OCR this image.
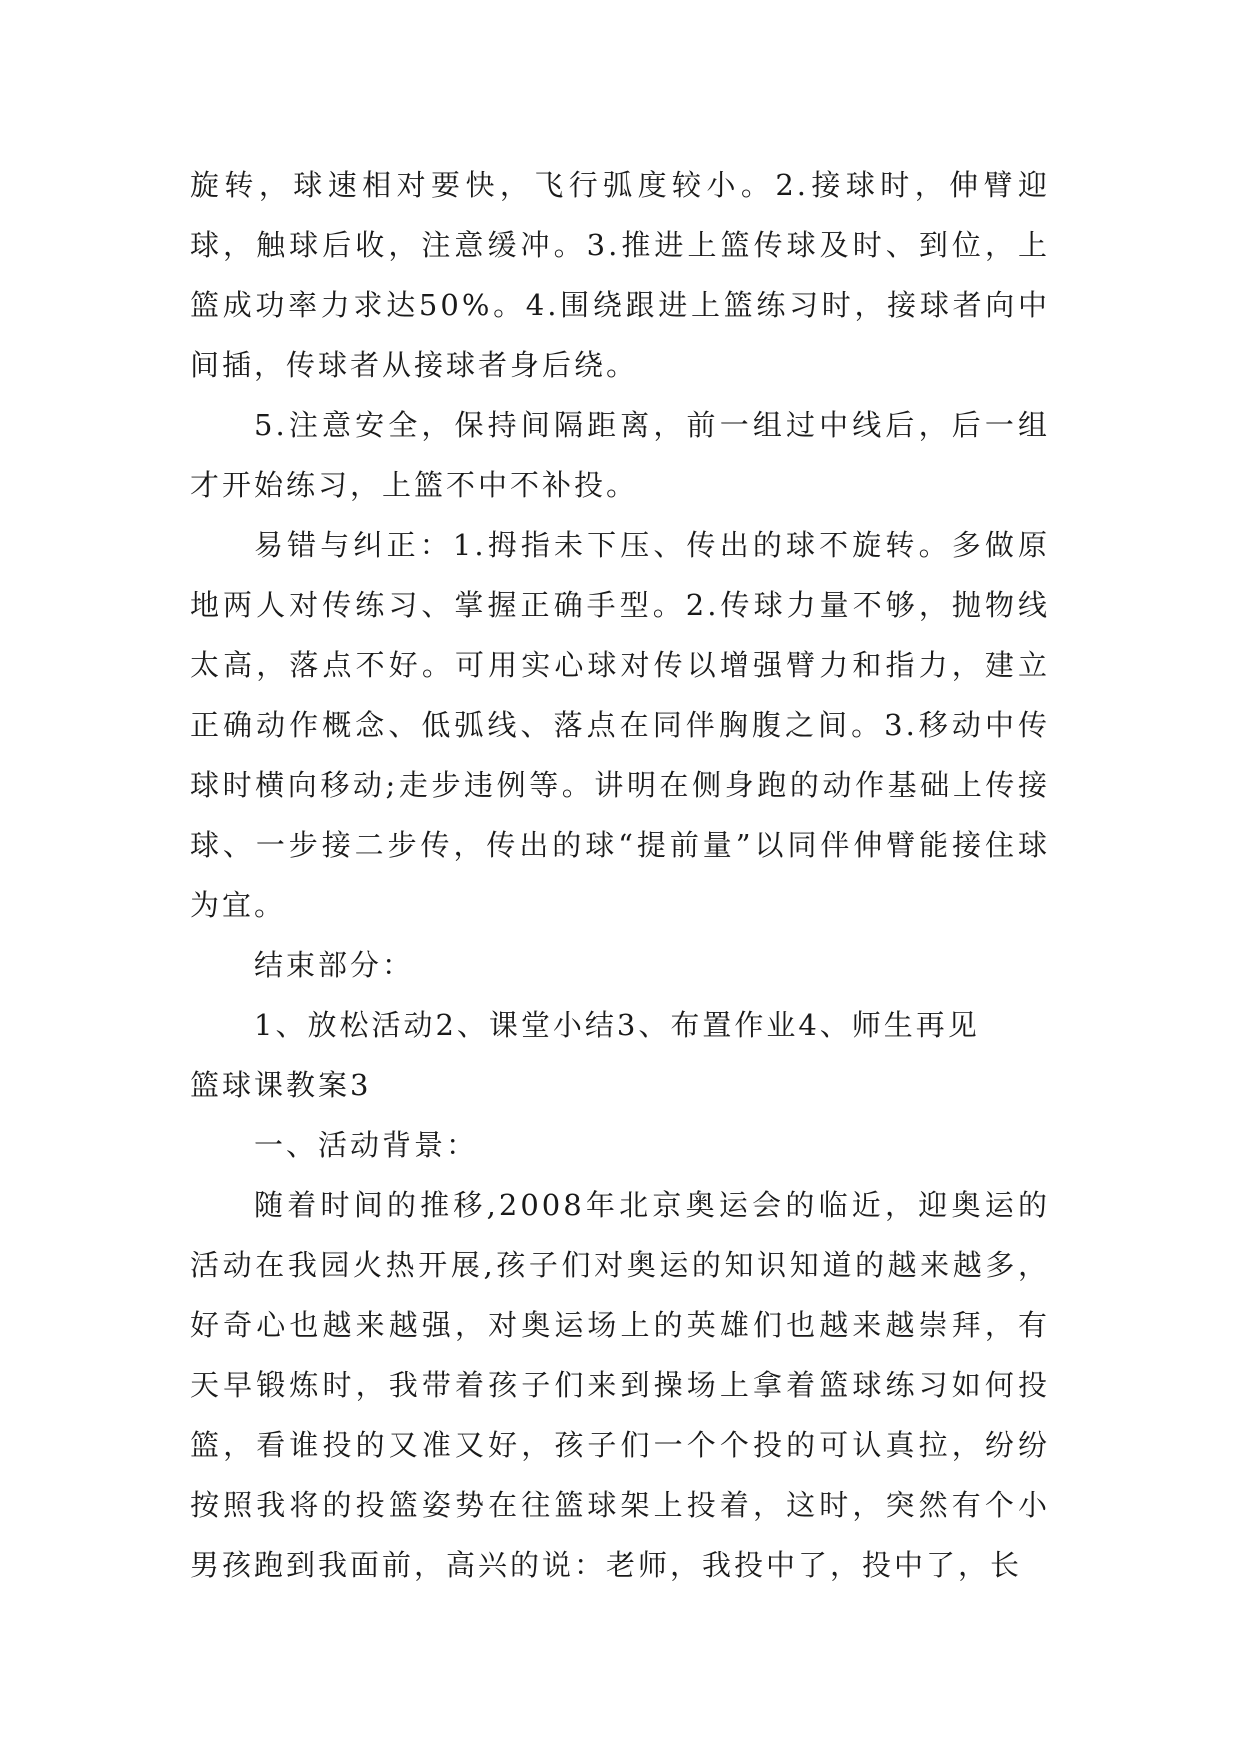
旋转，球速相对要快，飞行弧度较小。2.接球时，伸臂迎球，触球后收，注意缓冲。3.推进上篮传球及时、到位，上篮成功率力求达50%。4.围绕跟进上篮练习时，接球者向中间插，传球者从接球者身后绕。

5.注意安全，保持间隔距离，前一组过中线后，后一组才开始练习，上篮不中不补投。

易错与纠正：1.拇指未下压、传出的球不旋转。多做原地两人对传练习、掌握正确手型。2.传球力量不够，抛物线太高，落点不好。可用实心球对传以增强臂力和指力，建立正确动作概念、低弧线、落点在同伴胸腹之间。3.移动中传球时横向移动;走步违例等。讲明在侧身跑的动作基础上传接球、一步接二步传，传出的球“提前量”以同伴伸臂能接住球为宜。

结束部分：

1、放松活动2、课堂小结3、布置作业4、师生再见

篮球课教案3

一、活动背景：

随着时间的推移,2008年北京奥运会的临近，迎奥运的活动在我园火热开展,孩子们对奥运的知识知道的越来越多，好奇心也越来越强，对奥运场上的英雄们也越来越崇拜，有天早锻炼时，我带着孩子们来到操场上拿着篮球练习如何投篮，看谁投的又准又好，孩子们一个个投的可认真拉，纷纷按照我将的投篮姿势在往篮球架上投着，这时，突然有个小男孩跑到我面前，高兴的说：老师，我投中了，投中了，长
